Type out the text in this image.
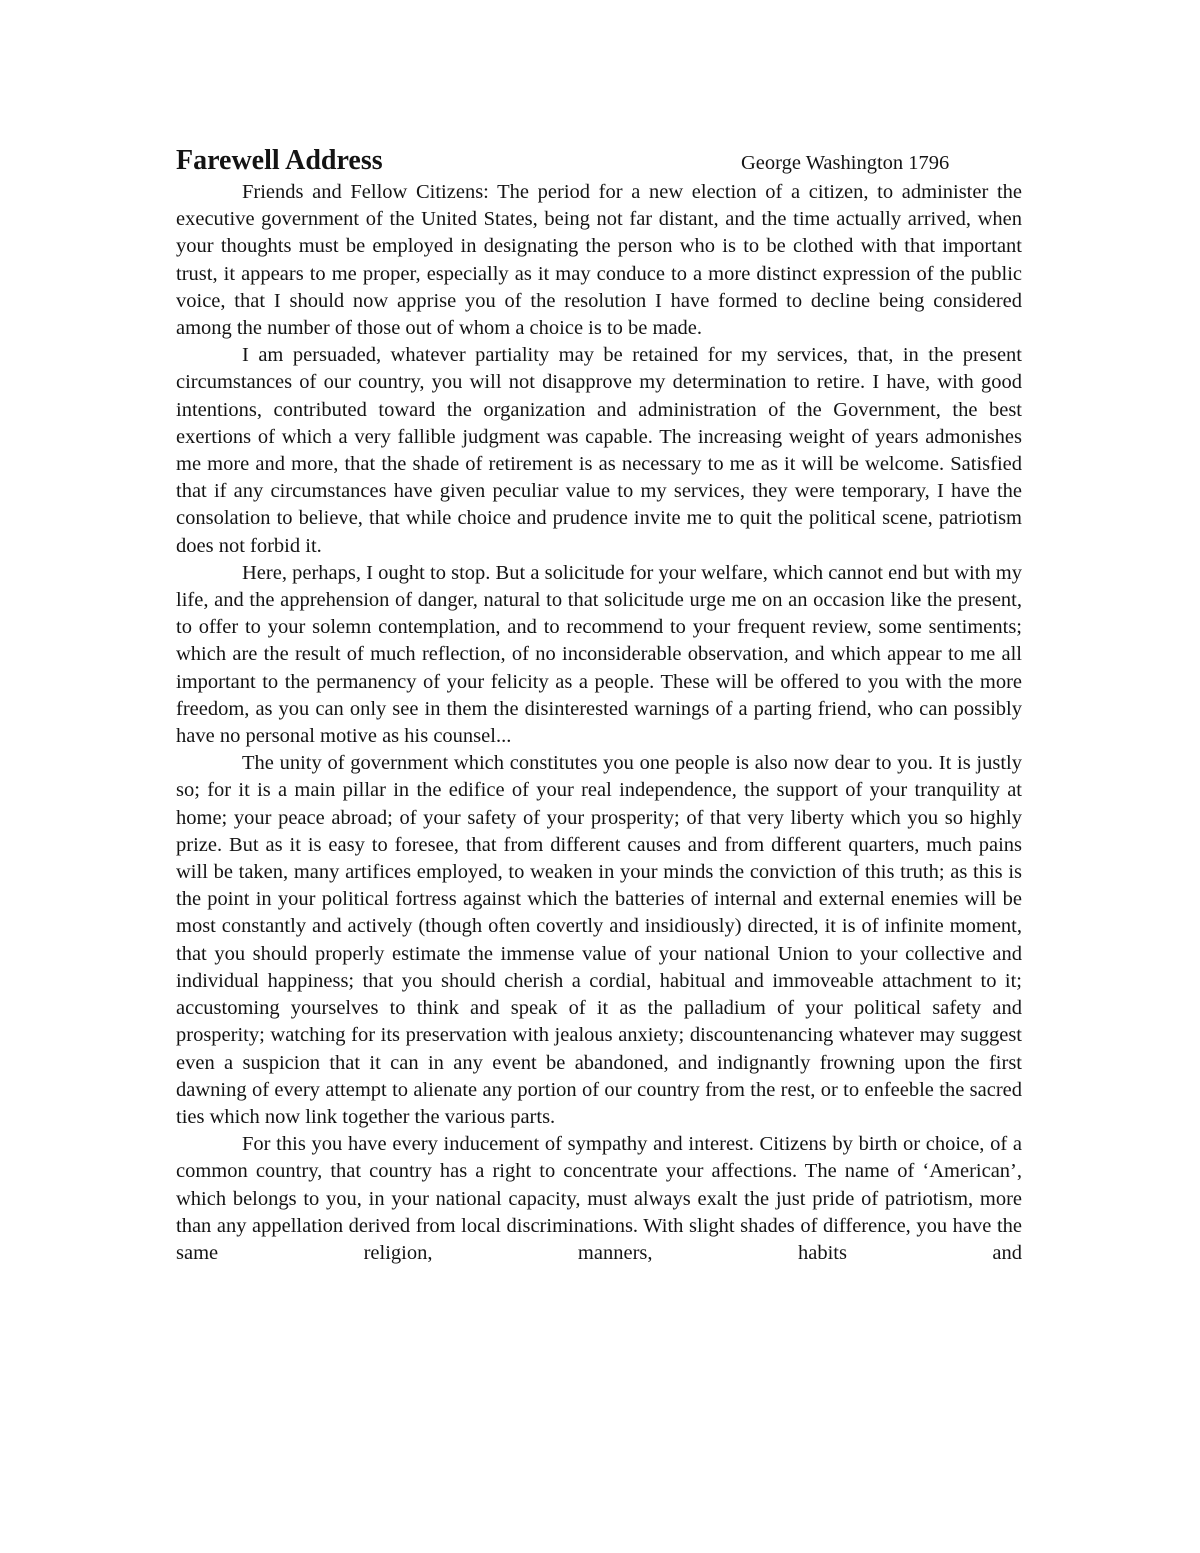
Farewell Address	George Washington 1796

Friends and Fellow Citizens: The period for a new election of a citizen, to administer the executive government of the United States, being not far distant, and the time actually arrived, when your thoughts must be employed in designating the person who is to be clothed with that important trust, it appears to me proper, especially as it may conduce to a more distinct expression of the public voice, that I should now apprise you of the resolution I have formed to decline being considered among the number of those out of whom a choice is to be made.

I am persuaded, whatever partiality may be retained for my services, that, in the present circumstances of our country, you will not disapprove my determination to retire. I have, with good intentions, contributed toward the organization and administration of the Government, the best exertions of which a very fallible judgment was capable. The increasing weight of years admonishes me more and more, that the shade of retirement is as necessary to me as it will be welcome. Satisfied that if any circumstances have given peculiar value to my services, they were temporary, I have the consolation to believe, that while choice and prudence invite me to quit the political scene, patriotism does not forbid it.

Here, perhaps, I ought to stop. But a solicitude for your welfare, which cannot end but with my life, and the apprehension of danger, natural to that solicitude urge me on an occasion like the present, to offer to your solemn contemplation, and to recommend to your frequent review, some sentiments; which are the result of much reflection, of no inconsiderable observation, and which appear to me all important to the permanency of your felicity as a people. These will be offered to you with the more freedom, as you can only see in them the disinterested warnings of a parting friend, who can possibly have no personal motive as his counsel...

The unity of government which constitutes you one people is also now dear to you. It is justly so; for it is a main pillar in the edifice of your real independence, the support of your tranquility at home; your peace abroad; of your safety of your prosperity; of that very liberty which you so highly prize. But as it is easy to foresee, that from different causes and from different quarters, much pains will be taken, many artifices employed, to weaken in your minds the conviction of this truth; as this is the point in your political fortress against which the batteries of internal and external enemies will be most constantly and actively (though often covertly and insidiously) directed, it is of infinite moment, that you should properly estimate the immense value of your national Union to your collective and individual happiness; that you should cherish a cordial, habitual and immoveable attachment to it; accustoming yourselves to think and speak of it as the palladium of your political safety and prosperity; watching for its preservation with jealous anxiety; discountenancing whatever may suggest even a suspicion that it can in any event be abandoned, and indignantly frowning upon the first dawning of every attempt to alienate any portion of our country from the rest, or to enfeeble the sacred ties which now link together the various parts.

For this you have every inducement of sympathy and interest. Citizens by birth or choice, of a common country, that country has a right to concentrate your affections. The name of ‘American’, which belongs to you, in your national capacity, must always exalt the just pride of patriotism, more than any appellation derived from local discriminations. With slight shades of difference, you have the same religion, manners, habits and
